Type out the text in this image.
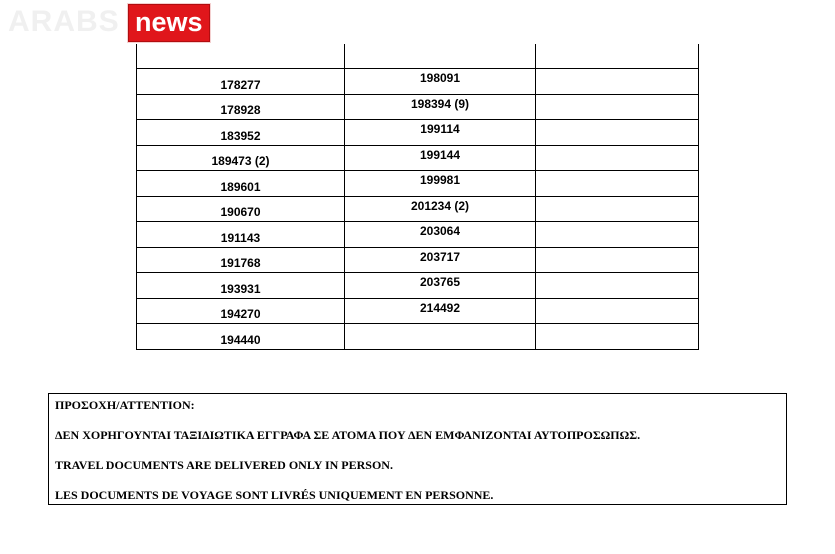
ARABS news

178277	198091	

178928	198394 (9)	

183952	199114	

189473 (2)	199144	

189601	199981	

190670	201234 (2)	

191143	203064	

191768	203717	

193931	203765	

194270	214492	

194440		

ΠΡΟΣΟΧΗ/ATTENTION:

ΔΕΝ ΧΟΡΗΓΟΥΝΤΑΙ ΤΑΞΙΔΙΩΤΙΚΑ ΕΓΓΡΑΦΑ ΣΕ ΑΤΟΜΑ ΠΟΥ ΔΕΝ ΕΜΦΑΝΙΖΟΝΤΑΙ ΑΥΤΟΠΡΟΣΩΠΩΣ.

TRAVEL DOCUMENTS ARE DELIVERED ONLY IN PERSON.

LES DOCUMENTS DE VOYAGE SONT LIVRÉS UNIQUEMENT EN PERSONNE.
